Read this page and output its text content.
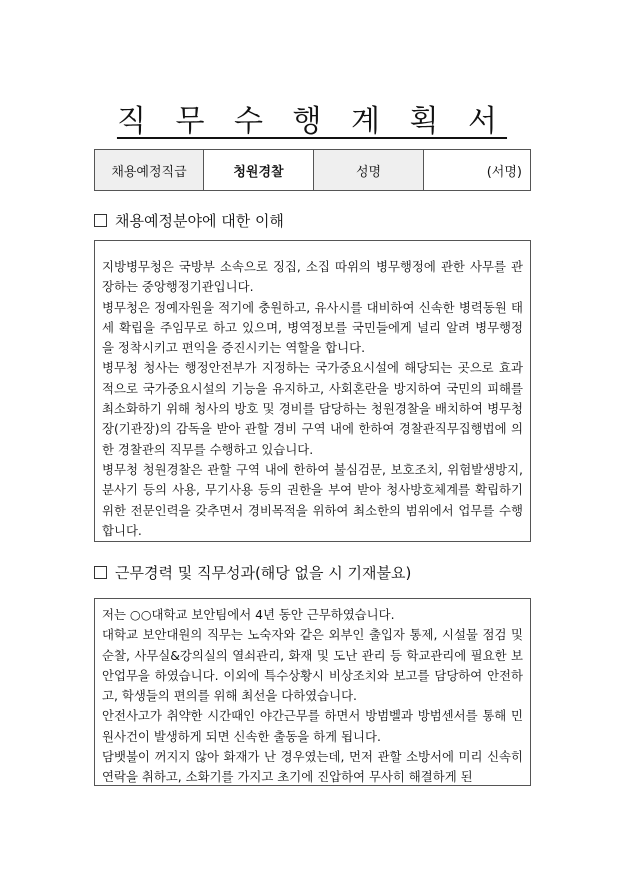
직 무 수 행 계 획 서
채용예정직급	청원경찰	성명	(서명)
채용예정분야에 대한 이해

지방병무청은 국방부 소속으로 징집, 소집 따위의 병무행정에 관한 사무를 관장하는 중앙행정기관입니다.

병무청은 정예자원을 적기에 충원하고, 유사시를 대비하여 신속한 병력동원 태세 확립을 주임무로 하고 있으며, 병역정보를 국민들에게 널리 알려 병무행정을 정착시키고 편익을 증진시키는 역할을 합니다.

병무청 청사는 행정안전부가 지정하는 국가중요시설에 해당되는 곳으로 효과적으로 국가중요시설의 기능을 유지하고, 사회혼란을 방지하여 국민의 피해를 최소화하기 위해 청사의 방호 및 경비를 담당하는 청원경찰을 배치하여 병무청장(기관장)의 감독을 받아 관할 경비 구역 내에 한하여 경찰관직무집행법에 의한 경찰관의 직무를 수행하고 있습니다.

병무청 청원경찰은 관할 구역 내에 한하여 불심검문, 보호조치, 위험발생방지, 분사기 등의 사용, 무기사용 등의 권한을 부여 받아 청사방호체계를 확립하기 위한 전문인력을 갖추면서 경비목적을 위하여 최소한의 범위에서 업무를 수행합니다.

근무경력 및 직무성과(해당 없을 시 기재불요)

저는 ○○대학교 보안팀에서 4년 동안 근무하였습니다.

대학교 보안대원의 직무는 노숙자와 같은 외부인 출입자 통제, 시설물 점검 및 순찰, 사무실&강의실의 열쇠관리, 화재 및 도난 관리 등 학교관리에 필요한 보안업무을 하였습니다. 이외에 특수상황시 비상조치와 보고를 담당하여 안전하고, 학생들의 편의를 위해 최선을 다하였습니다.

안전사고가 취약한 시간때인 야간근무를 하면서 방범벨과 방범센서를 통해 민원사건이 발생하게 되면 신속한 출동을 하게 됩니다.

담뱃불이 꺼지지 않아 화재가 난 경우였는데, 먼저 관할 소방서에 미리 신속히 연락을 취하고, 소화기를 가지고 초기에 진압하여 무사히 해결하게 된
